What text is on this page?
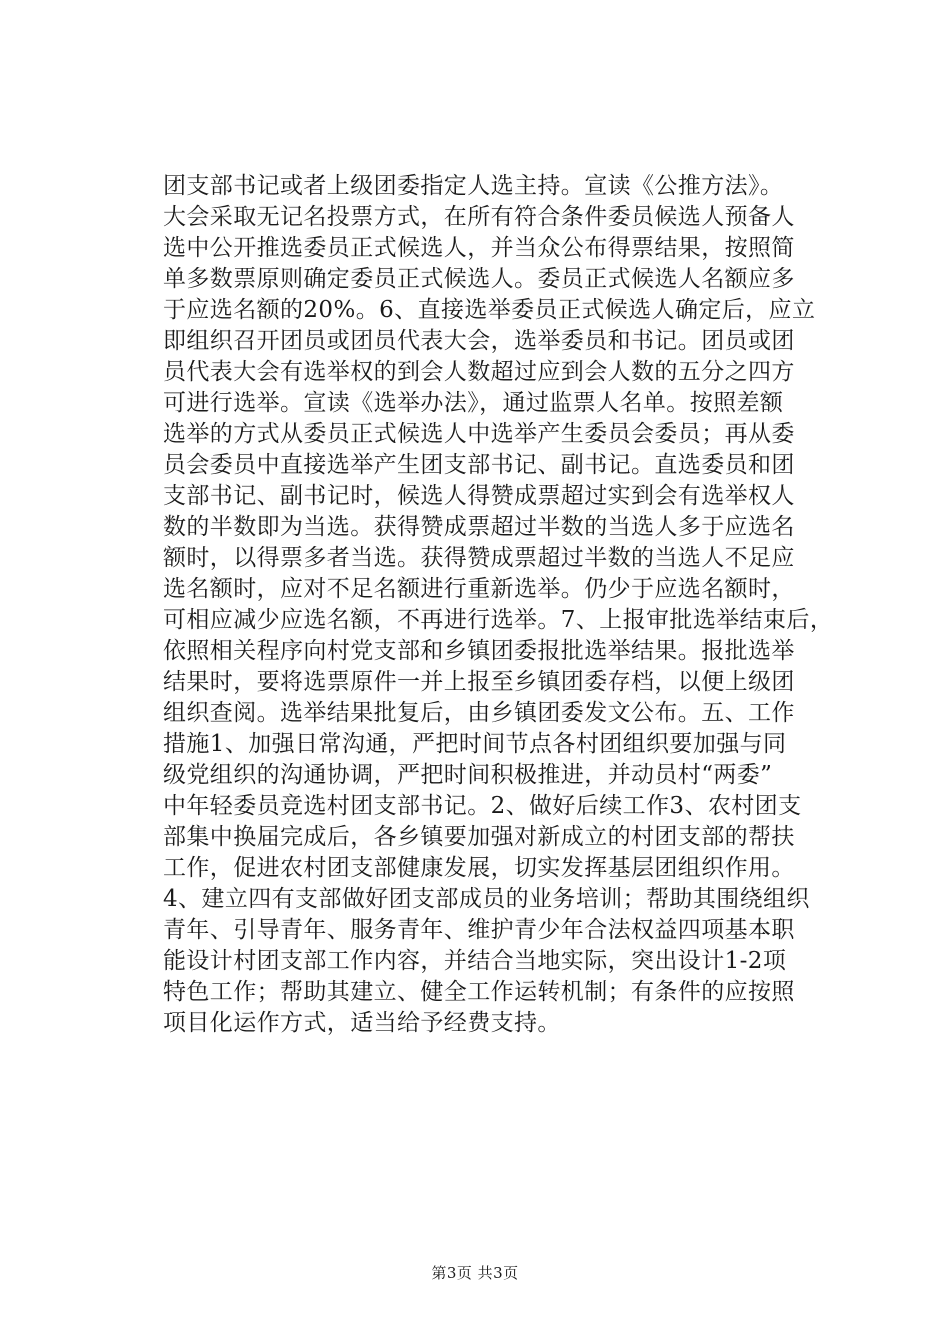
团支部书记或者上级团委指定人选主持。宣读《公推方法》。
大会采取无记名投票方式，在所有符合条件委员候选人预备人
选中公开推选委员正式候选人，并当众公布得票结果，按照简
单多数票原则确定委员正式候选人。委员正式候选人名额应多
于应选名额的20%。6、直接选举委员正式候选人确定后，应立
即组织召开团员或团员代表大会，选举委员和书记。团员或团
员代表大会有选举权的到会人数超过应到会人数的五分之四方
可进行选举。宣读《选举办法》，通过监票人名单。按照差额
选举的方式从委员正式候选人中选举产生委员会委员；再从委
员会委员中直接选举产生团支部书记、副书记。直选委员和团
支部书记、副书记时，候选人得赞成票超过实到会有选举权人
数的半数即为当选。获得赞成票超过半数的当选人多于应选名
额时，以得票多者当选。获得赞成票超过半数的当选人不足应
选名额时，应对不足名额进行重新选举。仍少于应选名额时，
可相应减少应选名额，不再进行选举。7、上报审批选举结束后，
依照相关程序向村党支部和乡镇团委报批选举结果。报批选举
结果时，要将选票原件一并上报至乡镇团委存档，以便上级团
组织查阅。选举结果批复后，由乡镇团委发文公布。五、工作
措施1、加强日常沟通，严把时间节点各村团组织要加强与同
级党组织的沟通协调，严把时间积极推进，并动员村“两委”
中年轻委员竞选村团支部书记。2、做好后续工作3、农村团支
部集中换届完成后，各乡镇要加强对新成立的村团支部的帮扶
工作，促进农村团支部健康发展，切实发挥基层团组织作用。
4、建立四有支部做好团支部成员的业务培训；帮助其围绕组织
青年、引导青年、服务青年、维护青少年合法权益四项基本职
能设计村团支部工作内容，并结合当地实际，突出设计1-2项
特色工作；帮助其建立、健全工作运转机制；有条件的应按照
项目化运作方式，适当给予经费支持。
第3页 共3页
